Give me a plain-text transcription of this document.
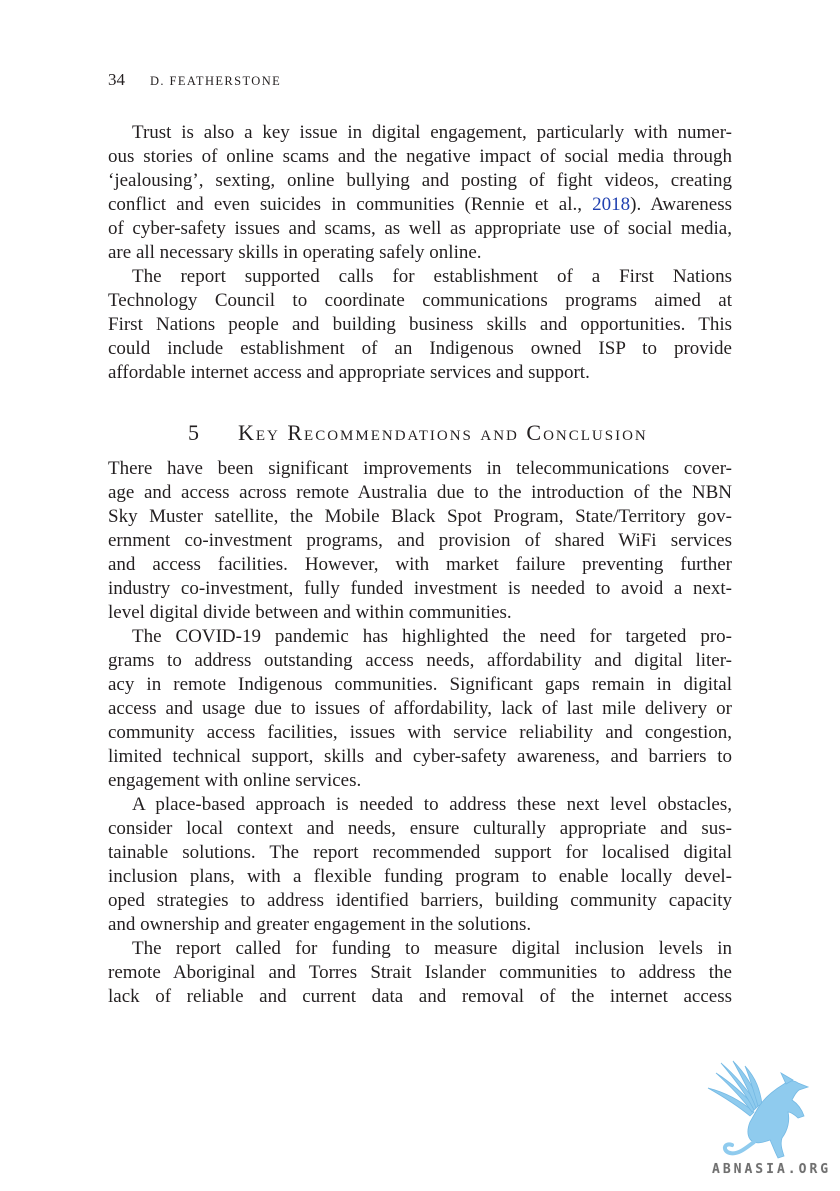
34 D. FEATHERSTONE
Trust is also a key issue in digital engagement, particularly with numer-
ous stories of online scams and the negative impact of social media through
‘jealousing’, sexting, online bullying and posting of fight videos, creating
conflict and even suicides in communities (Rennie et al., 2018). Awareness
of cyber-safety issues and scams, as well as appropriate use of social media,
are all necessary skills in operating safely online.
The report supported calls for establishment of a First Nations
Technology Council to coordinate communications programs aimed at
First Nations people and building business skills and opportunities. This
could include establishment of an Indigenous owned ISP to provide
affordable internet access and appropriate services and support.
5 Key Recommendations and Conclusion
There have been significant improvements in telecommunications cover-
age and access across remote Australia due to the introduction of the NBN
Sky Muster satellite, the Mobile Black Spot Program, State/Territory gov-
ernment co-investment programs, and provision of shared WiFi services
and access facilities. However, with market failure preventing further
industry co-investment, fully funded investment is needed to avoid a next-
level digital divide between and within communities.
The COVID-19 pandemic has highlighted the need for targeted pro-
grams to address outstanding access needs, affordability and digital liter-
acy in remote Indigenous communities. Significant gaps remain in digital
access and usage due to issues of affordability, lack of last mile delivery or
community access facilities, issues with service reliability and congestion,
limited technical support, skills and cyber-safety awareness, and barriers to
engagement with online services.
A place-based approach is needed to address these next level obstacles,
consider local context and needs, ensure culturally appropriate and sus-
tainable solutions. The report recommended support for localised digital
inclusion plans, with a flexible funding program to enable locally devel-
oped strategies to address identified barriers, building community capacity
and ownership and greater engagement in the solutions.
The report called for funding to measure digital inclusion levels in
remote Aboriginal and Torres Strait Islander communities to address the
lack of reliable and current data and removal of the internet access
ABNASIA.ORG
